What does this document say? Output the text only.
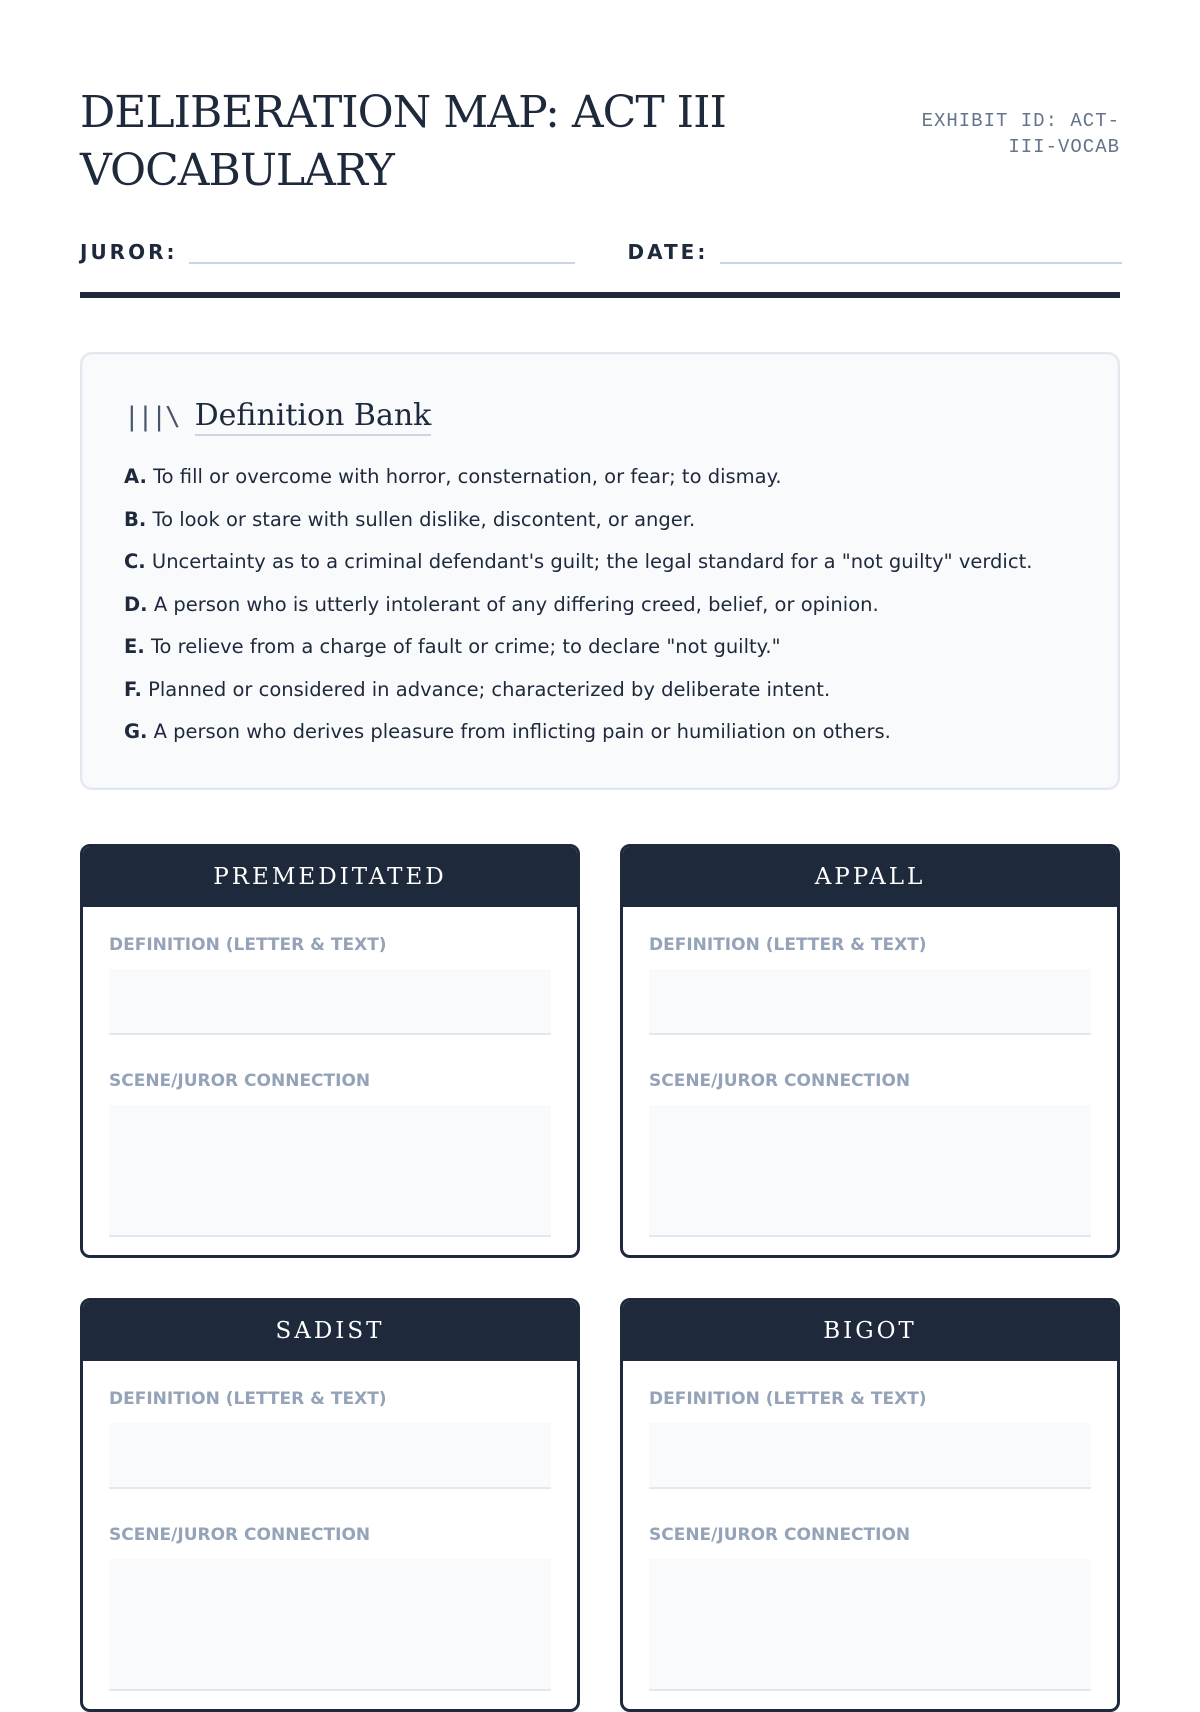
DELIBERATION MAP: ACT III VOCABULARY
EXHIBIT ID: ACT-III-VOCAB
JUROR:	DATE:
|||\ Definition Bank
A. To fill or overcome with horror, consternation, or fear; to dismay.
B. To look or stare with sullen dislike, discontent, or anger.
C. Uncertainty as to a criminal defendant's guilt; the legal standard for a "not guilty" verdict.
D. A person who is utterly intolerant of any differing creed, belief, or opinion.
E. To relieve from a charge of fault or crime; to declare "not guilty."
F. Planned or considered in advance; characterized by deliberate intent.
G. A person who derives pleasure from inflicting pain or humiliation on others.
PREMEDITATED
DEFINITION (LETTER & TEXT)
SCENE/JUROR CONNECTION
APPALL
DEFINITION (LETTER & TEXT)
SCENE/JUROR CONNECTION
SADIST
DEFINITION (LETTER & TEXT)
SCENE/JUROR CONNECTION
BIGOT
DEFINITION (LETTER & TEXT)
SCENE/JUROR CONNECTION
